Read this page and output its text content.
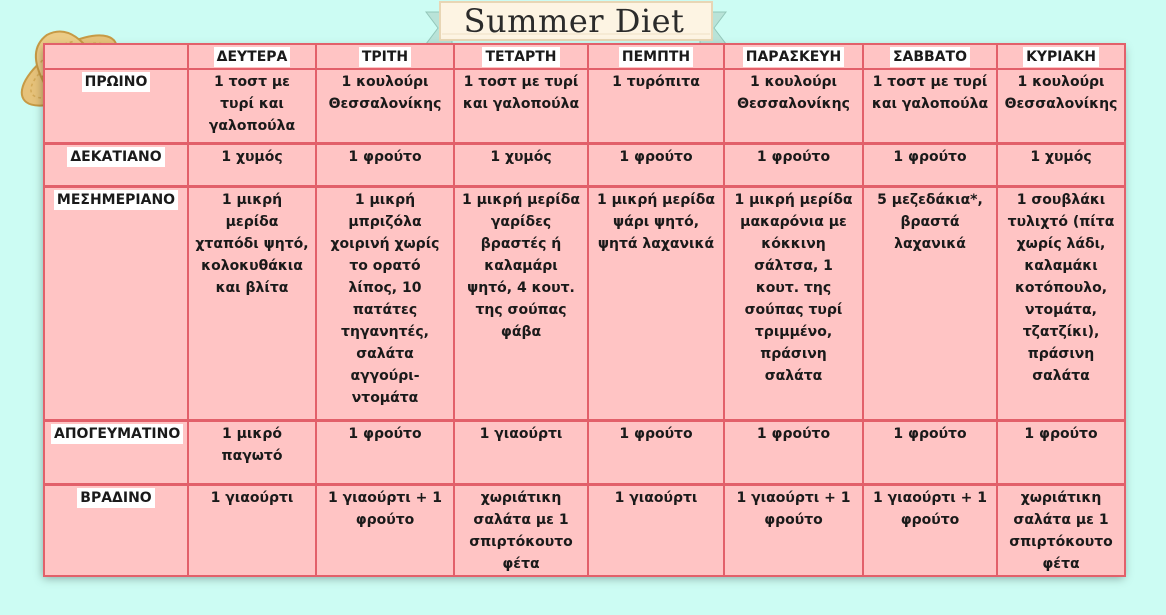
Summer Diet
	ΔΕΥΤΕΡΑ	ΤΡΙΤΗ	ΤΕΤΑΡΤΗ	ΠΕΜΠΤΗ	ΠΑΡΑΣΚΕΥΗ	ΣΑΒΒΑΤΟ	ΚΥΡΙΑΚΗ
ΠΡΩΙΝΟ	1 τοστ με τυρί και γαλοπούλα	1 κουλούρι Θεσσαλονίκης	1 τοστ με τυρί και γαλοπούλα	1 τυρόπιτα	1 κουλούρι Θεσσαλονίκης	1 τοστ με τυρί και γαλοπούλα	1 κουλούρι Θεσσαλονίκης

ΔΕΚΑΤΙΑΝΟ	1 χυμός	1 φρούτο	1 χυμός	1 φρούτο	1 φρούτο	1 φρούτο	1 χυμός

ΜΕΣΗΜΕΡΙΑΝΟ	1 μικρή μερίδα χταπόδι ψητό, κολοκυθάκια και βλίτα	1 μικρή μπριζόλα χοιρινή χωρίς το ορατό λίπος, 10 πατάτες τηγανητές, σαλάτα αγγούρι-ντομάτα	1 μικρή μερίδα γαρίδες βραστές ή καλαμάρι ψητό, 4 κουτ. της σούπας φάβα	1 μικρή μερίδα ψάρι ψητό, ψητά λαχανικά	1 μικρή μερίδα μακαρόνια με κόκκινη σάλτσα, 1 κουτ. της σούπας τυρί τριμμένο, πράσινη σαλάτα	5 μεζεδάκια*, βραστά λαχανικά	1 σουβλάκι τυλιχτό (πίτα χωρίς λάδι, καλαμάκι κοτόπουλο, ντομάτα, τζατζίκι), πράσινη σαλάτα

ΑΠΟΓΕΥΜΑΤΙΝΟ	1 μικρό παγωτό	1 φρούτο	1 γιαούρτι	1 φρούτο	1 φρούτο	1 φρούτο	1 φρούτο

ΒΡΑΔΙΝΟ	1 γιαούρτι	1 γιαούρτι + 1 φρούτο	χωριάτικη σαλάτα με 1 σπιρτόκουτο φέτα	1 γιαούρτι	1 γιαούρτι + 1 φρούτο	1 γιαούρτι + 1 φρούτο	χωριάτικη σαλάτα με 1 σπιρτόκουτο φέτα
